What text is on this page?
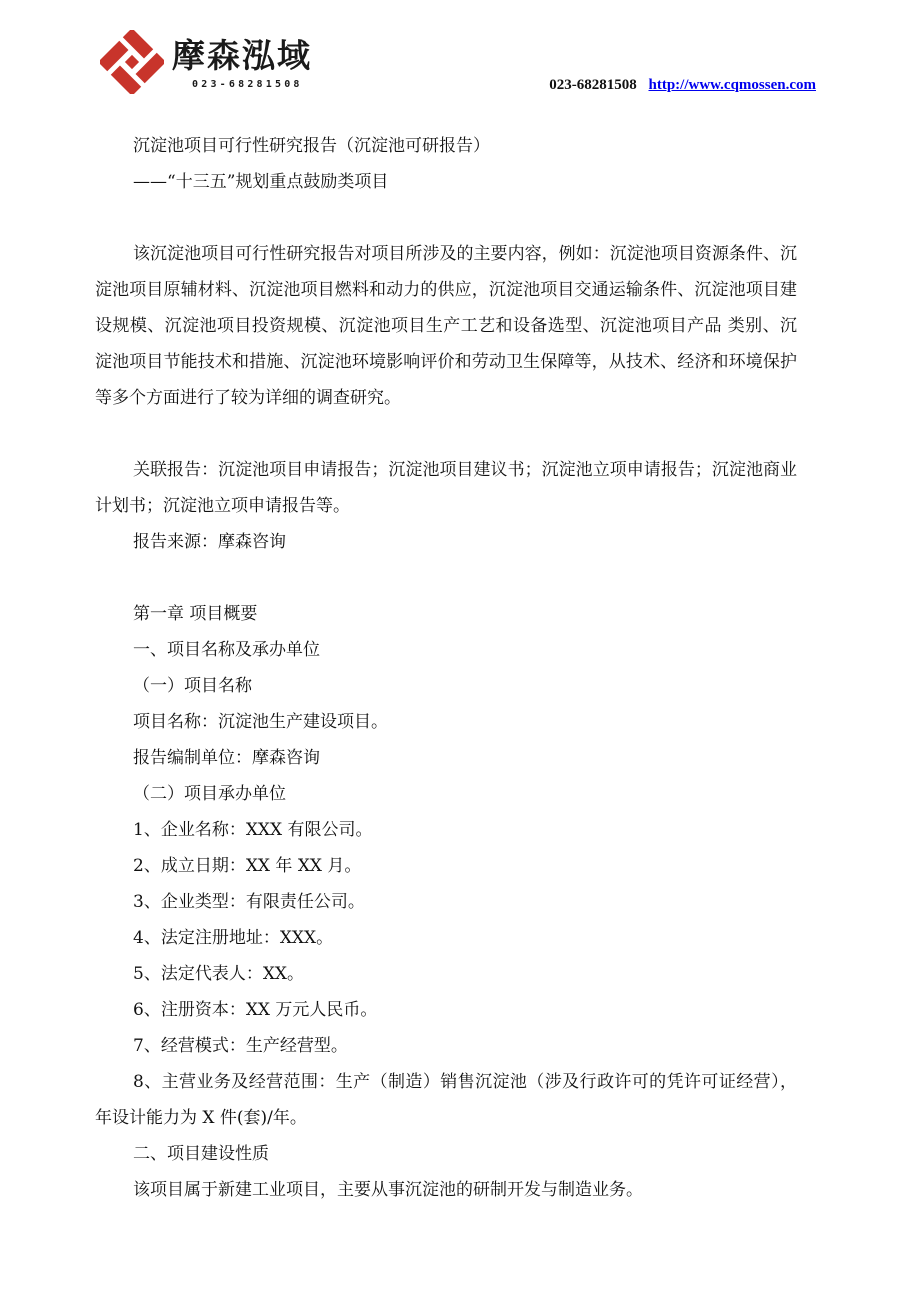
摩森泓域
023-68281508	023-68281508 http://www.cqmossen.com

沉淀池项目可行性研究报告（沉淀池可研报告）

——“十三五”规划重点鼓励类项目

该沉淀池项目可行性研究报告对项目所涉及的主要内容，例如：沉淀池项目资源条件、沉淀池项目原辅材料、沉淀池项目燃料和动力的供应，沉淀池项目交通运输条件、沉淀池项目建设规模、沉淀池项目投资规模、沉淀池项目生产工艺和设备选型、沉淀池项目产品 类别、沉淀池项目节能技术和措施、沉淀池环境影响评价和劳动卫生保障等，从技术、经济和环境保护等多个方面进行了较为详细的调查研究。
关联报告：沉淀池项目申请报告；沉淀池项目建议书；沉淀池立项申请报告；沉淀池商业计划书；沉淀池立项申请报告等。

报告来源：摩森咨询

第一章 项目概要

一、项目名称及承办单位

（一）项目名称

项目名称：沉淀池生产建设项目。

报告编制单位：摩森咨询

（二）项目承办单位

1、企业名称：XXX 有限公司。

2、成立日期：XX 年 XX 月。

3、企业类型：有限责任公司。

4、法定注册地址：XXX。

5、法定代表人：XX。

6、注册资本：XX 万元人民币。

7、经营模式：生产经营型。

8、主营业务及经营范围：生产（制造）销售沉淀池（涉及行政许可的凭许可证经营），年设计能力为 X 件(套)/年。

二、项目建设性质

该项目属于新建工业项目，主要从事沉淀池的研制开发与制造业务。
